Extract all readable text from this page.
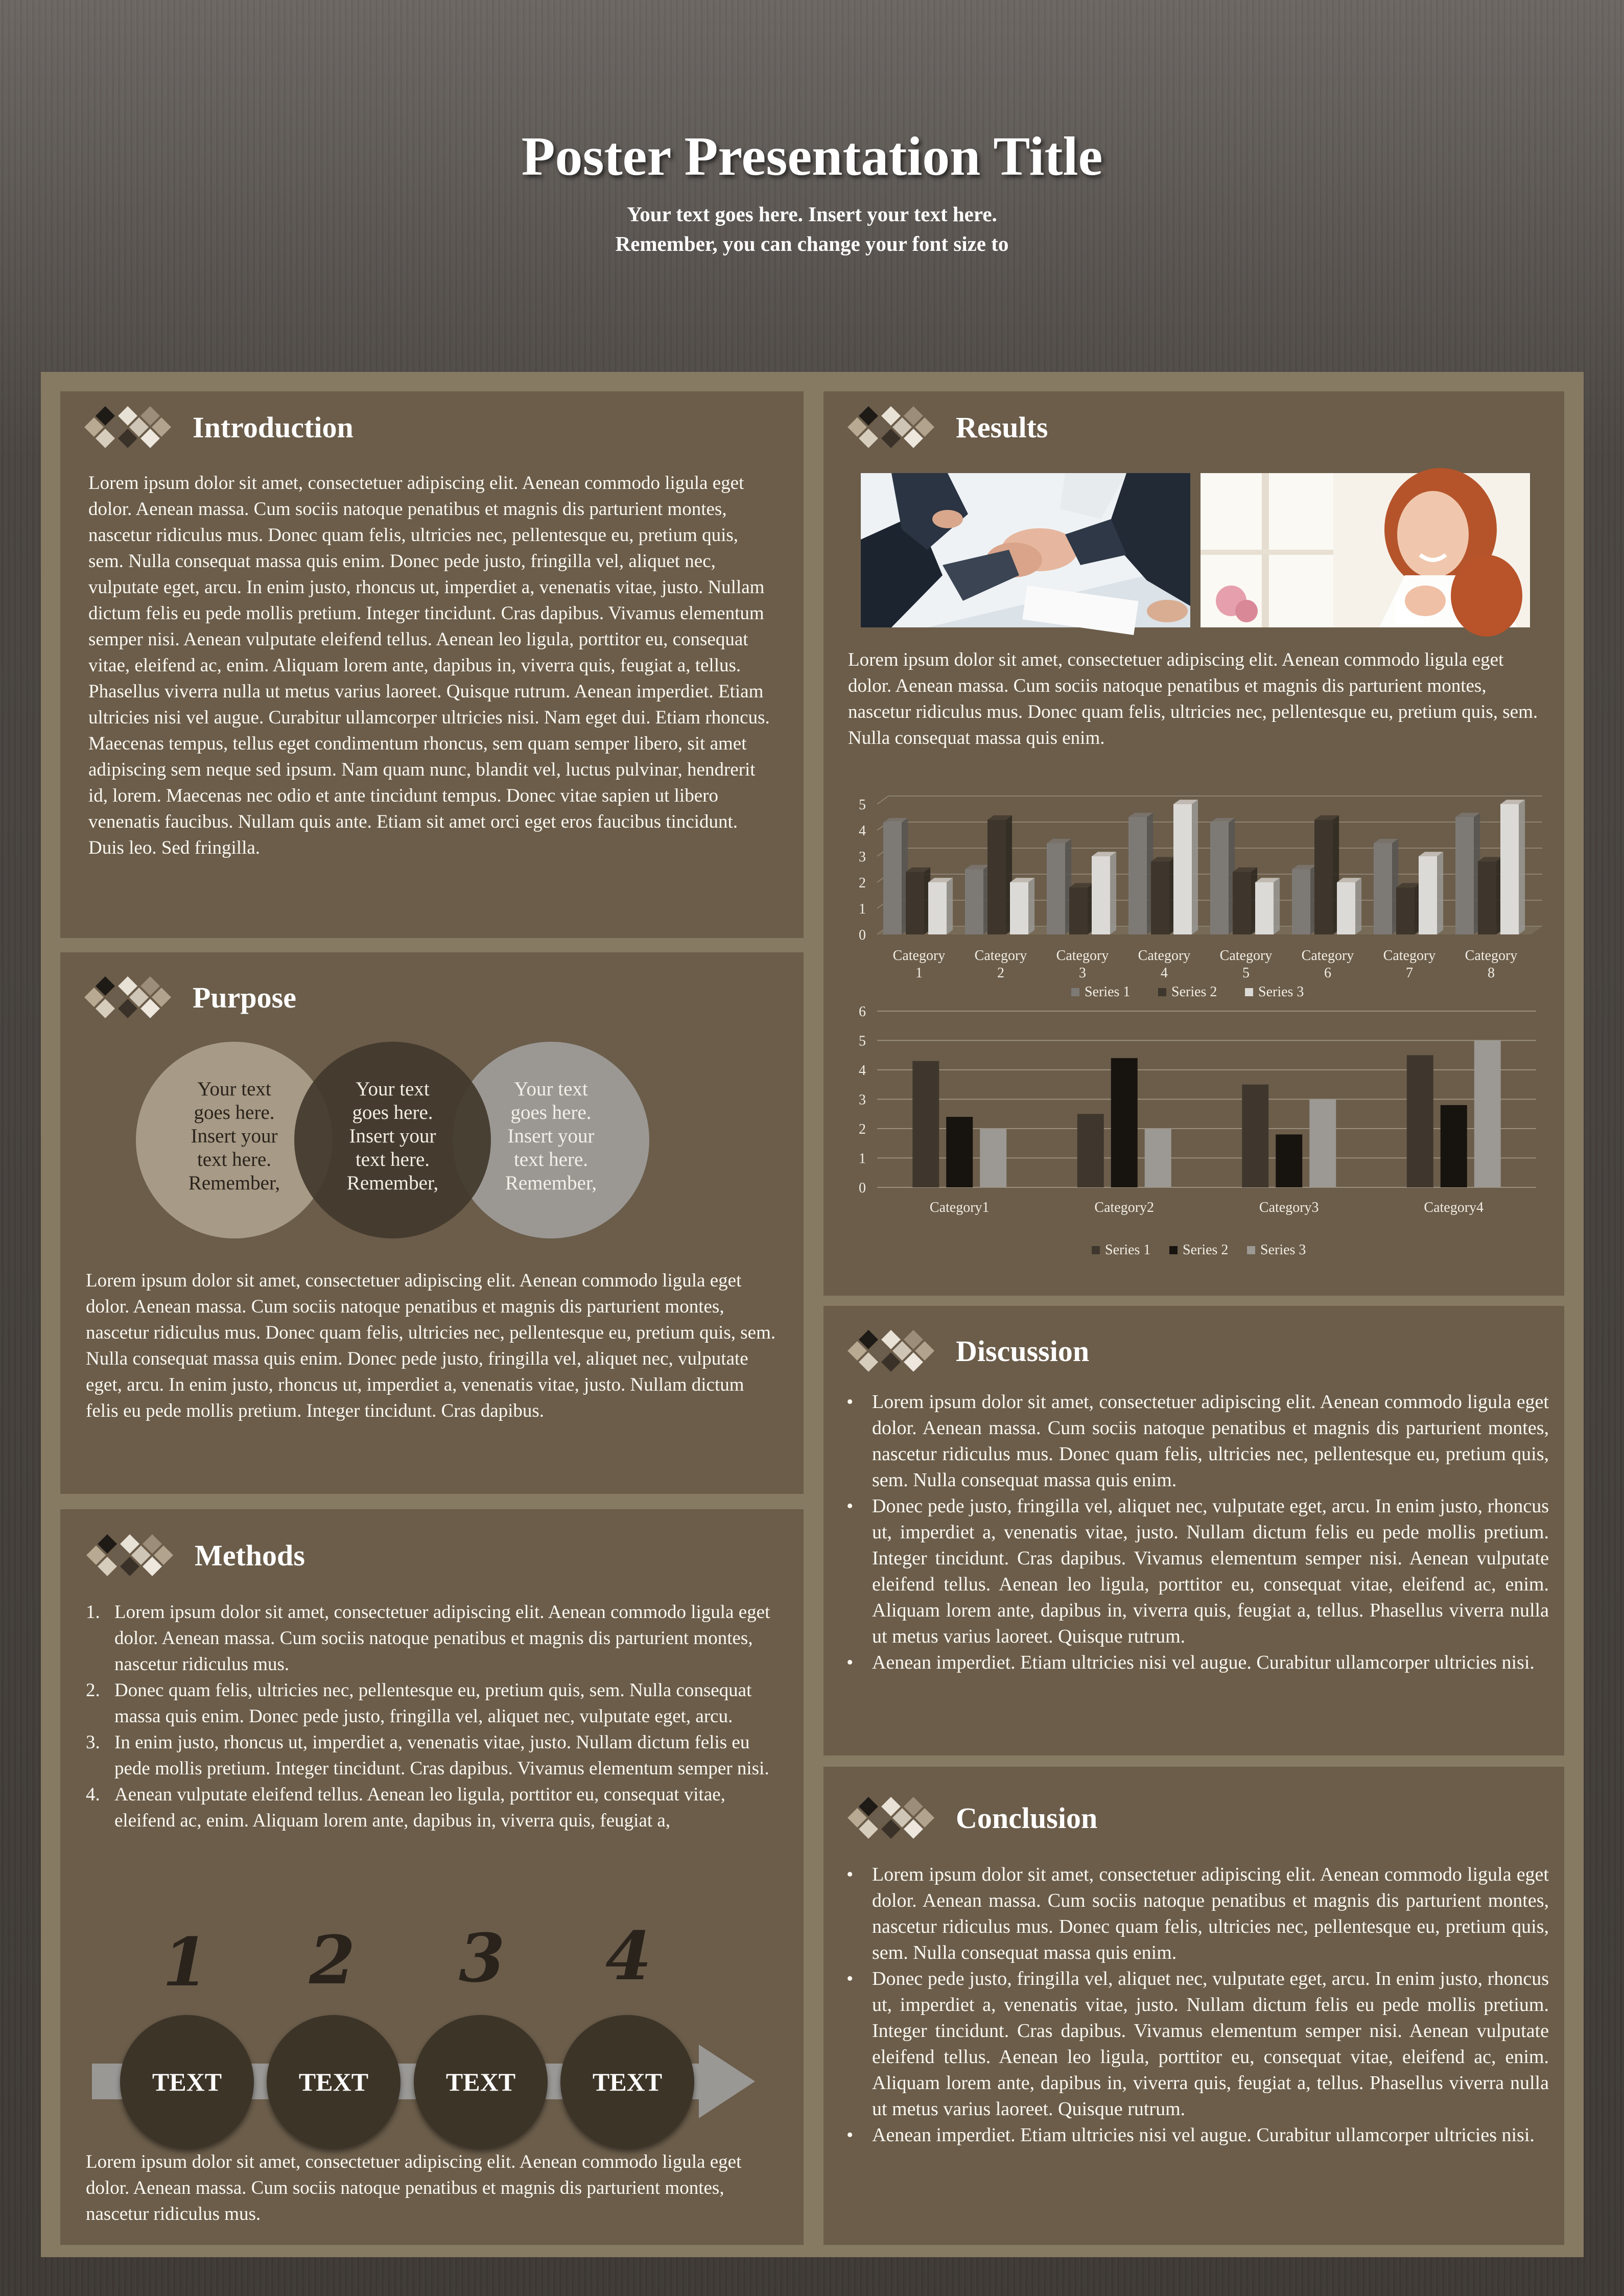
Poster Presentation Title
Your text goes here. Insert your text here.
Remember, you can change your font size to
Introduction
Lorem ipsum dolor sit amet, consectetuer adipiscing elit. Aenean commodo ligula eget dolor. Aenean massa. Cum sociis natoque penatibus et magnis dis parturient montes, nascetur ridiculus mus. Donec quam felis, ultricies nec, pellentesque eu, pretium quis, sem. Nulla consequat massa quis enim. Donec pede justo, fringilla vel, aliquet nec, vulputate eget, arcu. In enim justo, rhoncus ut, imperdiet a, venenatis vitae, justo. Nullam dictum felis eu pede mollis pretium. Integer tincidunt. Cras dapibus. Vivamus elementum semper nisi. Aenean vulputate eleifend tellus. Aenean leo ligula, porttitor eu, consequat vitae, eleifend ac, enim. Aliquam lorem ante, dapibus in, viverra quis, feugiat a, tellus. Phasellus viverra nulla ut metus varius laoreet. Quisque rutrum. Aenean imperdiet. Etiam ultricies nisi vel augue. Curabitur ullamcorper ultricies nisi. Nam eget dui. Etiam rhoncus. Maecenas tempus, tellus eget condimentum rhoncus, sem quam semper libero, sit amet adipiscing sem neque sed ipsum. Nam quam nunc, blandit vel, luctus pulvinar, hendrerit id, lorem. Maecenas nec odio et ante tincidunt tempus. Donec vitae sapien ut libero venenatis faucibus. Nullam quis ante. Etiam sit amet orci eget eros faucibus tincidunt. Duis leo. Sed fringilla.
Purpose
Your text goes here. Insert your text here. Remember,
Your text goes here. Insert your text here. Remember,
Your text goes here. Insert your text here. Remember,
Lorem ipsum dolor sit amet, consectetuer adipiscing elit. Aenean commodo ligula eget dolor. Aenean massa. Cum sociis natoque penatibus et magnis dis parturient montes, nascetur ridiculus mus. Donec quam felis, ultricies nec, pellentesque eu, pretium quis, sem. Nulla consequat massa quis enim. Donec pede justo, fringilla vel, aliquet nec, vulputate eget, arcu. In enim justo, rhoncus ut, imperdiet a, venenatis vitae, justo. Nullam dictum felis eu pede mollis pretium. Integer tincidunt. Cras dapibus.
Methods
1. Lorem ipsum dolor sit amet, consectetuer adipiscing elit. Aenean commodo ligula eget dolor. Aenean massa. Cum sociis natoque penatibus et magnis dis parturient montes, nascetur ridiculus mus.
2. Donec quam felis, ultricies nec, pellentesque eu, pretium quis, sem. Nulla consequat massa quis enim. Donec pede justo, fringilla vel, aliquet nec, vulputate eget, arcu.
3. In enim justo, rhoncus ut, imperdiet a, venenatis vitae, justo. Nullam dictum felis eu pede mollis pretium. Integer tincidunt. Cras dapibus. Vivamus elementum semper nisi.
4. Aenean vulputate eleifend tellus. Aenean leo ligula, porttitor eu, consequat vitae, eleifend ac, enim. Aliquam lorem ante, dapibus in, viverra quis, feugiat a,
1 2 3 4
TEXT	TEXT	TEXT	TEXT
Lorem ipsum dolor sit amet, consectetuer adipiscing elit. Aenean commodo ligula eget dolor. Aenean massa. Cum sociis natoque penatibus et magnis dis parturient montes, nascetur ridiculus mus.
Results
Lorem ipsum dolor sit amet, consectetuer adipiscing elit. Aenean commodo ligula eget dolor. Aenean massa. Cum sociis natoque penatibus et magnis dis parturient montes, nascetur ridiculus mus. Donec quam felis, ultricies nec, pellentesque eu, pretium quis, sem. Nulla consequat massa quis enim.
0
1
2
3
4
5
Category
1
Category
2
Category
3
Category
4
Category
5
Category
6
Category
7
Category
8
Series 1	Series 2	Series 3
0
1
2
3
4
5
6
Category1	Category2	Category3	Category4
Series 1 Series 2 Series 3
Discussion
• Lorem ipsum dolor sit amet, consectetuer adipiscing elit. Aenean commodo ligula eget dolor. Aenean massa. Cum sociis natoque penatibus et magnis dis parturient montes, nascetur ridiculus mus. Donec quam felis, ultricies nec, pellentesque eu, pretium quis, sem. Nulla consequat massa quis enim.
• Donec pede justo, fringilla vel, aliquet nec, vulputate eget, arcu. In enim justo, rhoncus ut, imperdiet a, venenatis vitae, justo. Nullam dictum felis eu pede mollis pretium. Integer tincidunt. Cras dapibus. Vivamus elementum semper nisi. Aenean vulputate eleifend tellus. Aenean leo ligula, porttitor eu, consequat vitae, eleifend ac, enim. Aliquam lorem ante, dapibus in, viverra quis, feugiat a, tellus. Phasellus viverra nulla ut metus varius laoreet. Quisque rutrum.
• Aenean imperdiet. Etiam ultricies nisi vel augue. Curabitur ullamcorper ultricies nisi.
Conclusion
• Lorem ipsum dolor sit amet, consectetuer adipiscing elit. Aenean commodo ligula eget dolor. Aenean massa. Cum sociis natoque penatibus et magnis dis parturient montes, nascetur ridiculus mus. Donec quam felis, ultricies nec, pellentesque eu, pretium quis, sem. Nulla consequat massa quis enim.
• Donec pede justo, fringilla vel, aliquet nec, vulputate eget, arcu. In enim justo, rhoncus ut, imperdiet a, venenatis vitae, justo. Nullam dictum felis eu pede mollis pretium. Integer tincidunt. Cras dapibus. Vivamus elementum semper nisi. Aenean vulputate eleifend tellus. Aenean leo ligula, porttitor eu, consequat vitae, eleifend ac, enim. Aliquam lorem ante, dapibus in, viverra quis, feugiat a, tellus. Phasellus viverra nulla ut metus varius laoreet. Quisque rutrum.
• Aenean imperdiet. Etiam ultricies nisi vel augue. Curabitur ullamcorper ultricies nisi.
